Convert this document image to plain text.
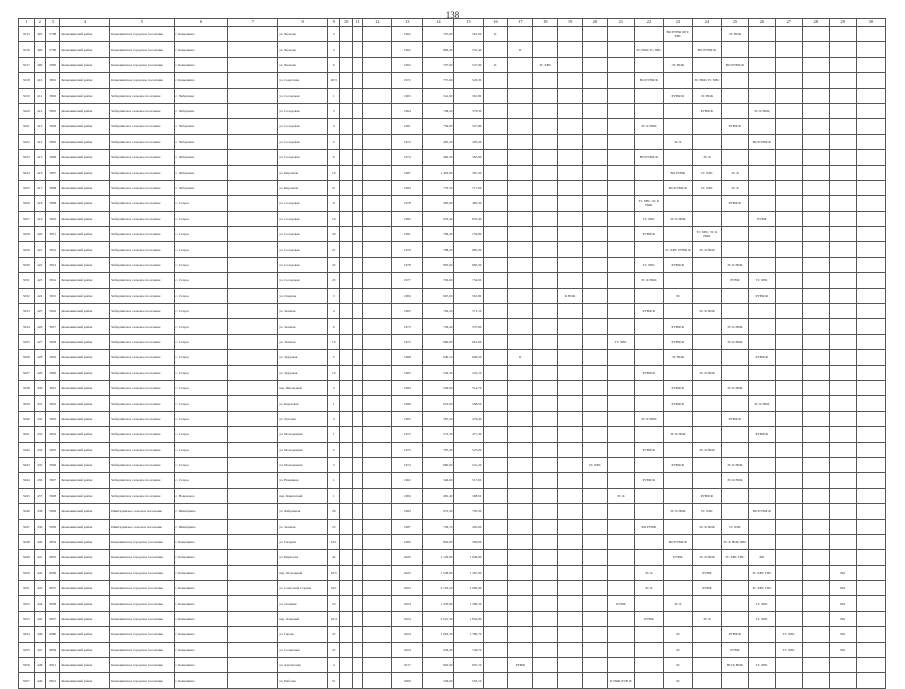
138
1	2	3	4	5	6	7	8	9	10	11	12	13	14	15	16	17	18	19	20	21	22	23	24	25	26	27	28	29	30
5015	405	5798	Ковылкинский район	Ковылкинское городское поселение	г. Ковылкино		ул. Чкалова	3				1962	797,00	561,00	К							ВО РУВФ ФТС ХВС		ЭС НОК					
5016	406	5799	Ковылкинский район	Ковылкинское городское поселение	г. Ковылкино		ул. Чкалова	4				1962	809,40	552,40		К					ЭС НОК ТС ХВС		ВО РУВФ Ф						
5017	409	5800	Ковылкинский район	Ковылкинское городское поселение	г. Ковылкино		ул. Чкалова	6				1962	797,00	547,90	К		ТС ХВС					ЭС НОК		ВО РУВФ Ф					
5018	410	5801	Ковылкинский район	Ковылкинское городское поселение	г. Ковылкино		ул. Советская	20/3				1972	757,60	520,30							ВО РУВФ Ф		ЭС НОК ТС ХВС						
5019	411	5802	Ковылкинский район	Чеберчинское сельское поселение	с. Чеберчино		ул. Солодовая	1				1963	341,90	301,80								РУВФ Ф	ЭС НОК						
5020	412	5803	Ковылкинский район	Чеберчинское сельское поселение	с. Чеберчино		ул. Солодовая	3				1964	748,20	579,50									РУВФ Ф		ЭС К НОК				
5021	413	5804	Ковылкинский район	Чеберчинское сельское поселение	с. Чеберчино		ул. Солодовая	4				1961	759,00	527,80							ЭС К НОК			РУВФ Ф					
5022	414	5805	Ковылкинский район	Чеберчинское сельское поселение	с. Чеберчино		ул. Солодовая	5				1974	405,20	305,20								ЭС К			ВО РУВФ Ф				
5023	415	5806	Ковылкинский район	Чеберчинское сельское поселение	с. Чеберчино		ул. Солодовая	6				1974	483,50	363,90							ВО РУВФ Ф		ЭС К						
5024	416	5807	Ковылкинский район	Чеберчинское сельское поселение	с. Чеберчино		ул. Кирочная	19				1987	1 493,80	367,20								ВО РУВФ	ТС ХВС	ЭС К					
5025	417	5808	Ковылкинский район	Чеберчинское сельское поселение	с. Чеберчино		ул. Кирочная	21				1984	779,50	717,00								ВО РУВФ Ф	ТС ХВС	ЭС К					
5026	418	5809	Ковылкинский район	Чеберчинское сельское поселение	с. Старое		ул. Солодовая	8				1978	483,90	485,30							ТС ХВС ЭС К НОК			РУВФ Ф					
5027	419	5810	Ковылкинский район	Чеберчинское сельское поселение	с. Старое		ул. Солодовая	19				1982	935,40	835,40							ТС ХВС	ЭС К НОК			РУВФ				
5028	420	5811	Ковылкинский район	Чеберчинское сельское поселение	с. Старое		ул. Солодовая	20				1981	796,40	734,80							РУВФ Ф		ТС ХВС ЭС К НОК						
5029	421	5812	Ковылкинский район	Чеберчинское сельское поселение	с. Старое		ул. Солодовая	21				1979	788,20	685,30								ТС ХВС РУВФ Ф	ЭС К НОК						
5030	422	5813	Ковылкинский район	Чеберчинское сельское поселение	с. Старое		ул. Солодовая	22				1978	805,00	685,30							ТС ХВС	РУВФ Ф		ЭС К НОК					
5031	423	5814	Ковылкинский район	Чеберчинское сельское поселение	с. Старое		ул. Солодовая	23				1977	763,00	734,00							ЭС К НОК			РУВФ	ТС ХВС				
5032	424	5815	Ковылкинский район	Чеберчинское сельское поселение	с. Старое		ул. Озерная	3				1984	667,00	591,80				К НОК				ЭС			РУВФ Ф				
5033	425	5816	Ковылкинский район	Чеберчинское сельское поселение	с. Старое		ул. Зеленая	4				1965	794,20	571,10							РУВФ Ф		ЭС К НОК						
5034	426	5817	Ковылкинский район	Чеберчинское сельское поселение	с. Старое		ул. Зеленая	6				1973	756,40	537,60								РУВФ Ф		ЭС К НОК					
5035	427	5818	Ковылкинский район	Чеберчинское сельское поселение	с. Старое		ул. Зеленая	10				1975	690,00	601,00						ТС ХВС		РУВФ Ф		ЭС К НОК					
5036	428	5819	Ковылкинский район	Чеберчинское сельское поселение	с. Старое		ул. Трудовая	5				1968	640,10	609,20		К						ЭС НОК			РУВФ Ф				
5037	429	5820	Ковылкинский район	Чеберчинское сельское поселение	с. Старое		ул. Трудовая	10				1965	536,30	522,10							РУВФ Ф		ЭС К НОК						
5038	430	5821	Ковылкинский район	Чеберчинское сельское поселение	с. Старое		пер. Школьный	3				1983	549,00	514,70								РУВФ Ф		ЭС К НОК					
5039	431	5822	Ковылкинский район	Чеберчинское сельское поселение	с. Старое		ул. Береговая	1				1989	653,00	598,50								РУВФ Ф			ЭС К НОК				
5040	432	5823	Ковылкинский район	Чеберчинское сельское поселение	с. Старое		ул. Луговая	3				1965	587,20	476,40							ЭС К НОК			РУВФ Ф					
5041	433	5824	Ковылкинский район	Чеберчинское сельское поселение	с. Старое		ул. Молодежная	1				1972	574,30	477,30								ЭС К НОК			РУВФ Ф				
5042	434	5825	Ковылкинский район	Чеберчинское сельское поселение	с. Старое		ул. Молодежная	2				1975	787,40	525,00							РУВФ Ф		ЭС К НОК						
5043	435	5826	Ковылкинский район	Чеберчинское сельское поселение	с. Старое		ул. Молодежная	3				1974	660,00	541,20					ТС ХВС			РУВФ Ф		ЭС К НОК					
5044	436	5827	Ковылкинский район	Чеберчинское сельское поселение	с. Старое		ул. Новинная	1				1962	546,00	517,60							РУВФ Ф			ЭС К НОК					
5045	437	5828	Ковылкинский район	Чеберчинское сельское поселение	с. Новоновое		пер. Кавказский	1				1984	481,40	308,50						ЭС К			РУВФ Ф						
5046	438	5829	Ковылкинский район	Шингаринское сельское поселение	с. Шингарино		ул. Фабричная	26				1984	972,30	705,30								ЭС К НОК	ТС ХВС		ВО РУВФ Ф				
5047	439	5830	Ковылкинский район	Шингаринское сельское поселение	с. Шингарино		ул. Зеленая	25				1987	736,70	495,00							ВО РУВФ		ЭС К НОК	ТС ХВС					
5048	440	6854	Ковылкинский район	Ковылкинское городское поселение	г. Ковылкино		ул. Гагарин	23/1				1960	820,00	590,00								ВО РУВФ Ф		ЭС К НОК ХВС					
5049	441	6855	Ковылкинский район	Ковылкинское городское поселение	г. Ковылкино		ул. Бирюзова	42				2020	1 129,80	1 049,90								РУВФ	ЭС К НОК	ТС ХВС ГВС	ВО				
5050	442	6856	Ковылкинский район	Ковылкинское городское поселение	г. Ковылкино		пер. Огородный	10/5				2023	1 528,80	1 367,60							ЭС К		РУВФ		ТС ХВС ГВС			ВО	
5051	443	6857	Ковылкинский район	Ковылкинское городское поселение	г. Ковылкино		ул. Советской Страны	34/1				2023	2 193,20	2 069,90							ЭС К		РУВФ		ТС ХВС ГВС			ВО	
5052	444	6858	Ковылкинский район	Ковылкинское городское поселение	г. Ковылкино		ул. Осенняя	25				2024	1 476,90	1 399,30						РУВФ		ЭС К			ТС ХВС			ВО	
5053	445	6857	Ковылкинский район	Ковылкинское городское поселение	г. Ковылкино		пер. Озерный	10/4				2024	2 021,30	1 854,90							РУВФ		ЭС К		ТС ХВС			ВО	
5054	446	6860	Ковылкинский район	Ковылкинское городское поселение	г. Ковылкино		ул. Гарова	47				2024	1 963,30	1 780,70								ЭС		РУВФ Ф		ТС ХВС		ВО	
5055	447	6859	Ковылкинский район	Ковылкинское городское поселение	г. Ковылкино		ул. Солнечная	47				2024	939,40	746,70								ЭС		РУВФ		ТС ХВС		ВО	
5056	448	6811	Ковылкинский район	Ковылкинское городское поселение	г. Ковылкино		ул. Аргентовку	4				2017	902,00	697,10		РУВФ						ЭС		ВО К НОК	ТС ХВС				
5057	449	6812	Ковылкинский район	Ковылкинское городское поселение	г. Ковылкино		ул. Рабочая	51				2009	526,00	503,10						К НОК РУВ Ф		ЭС							
